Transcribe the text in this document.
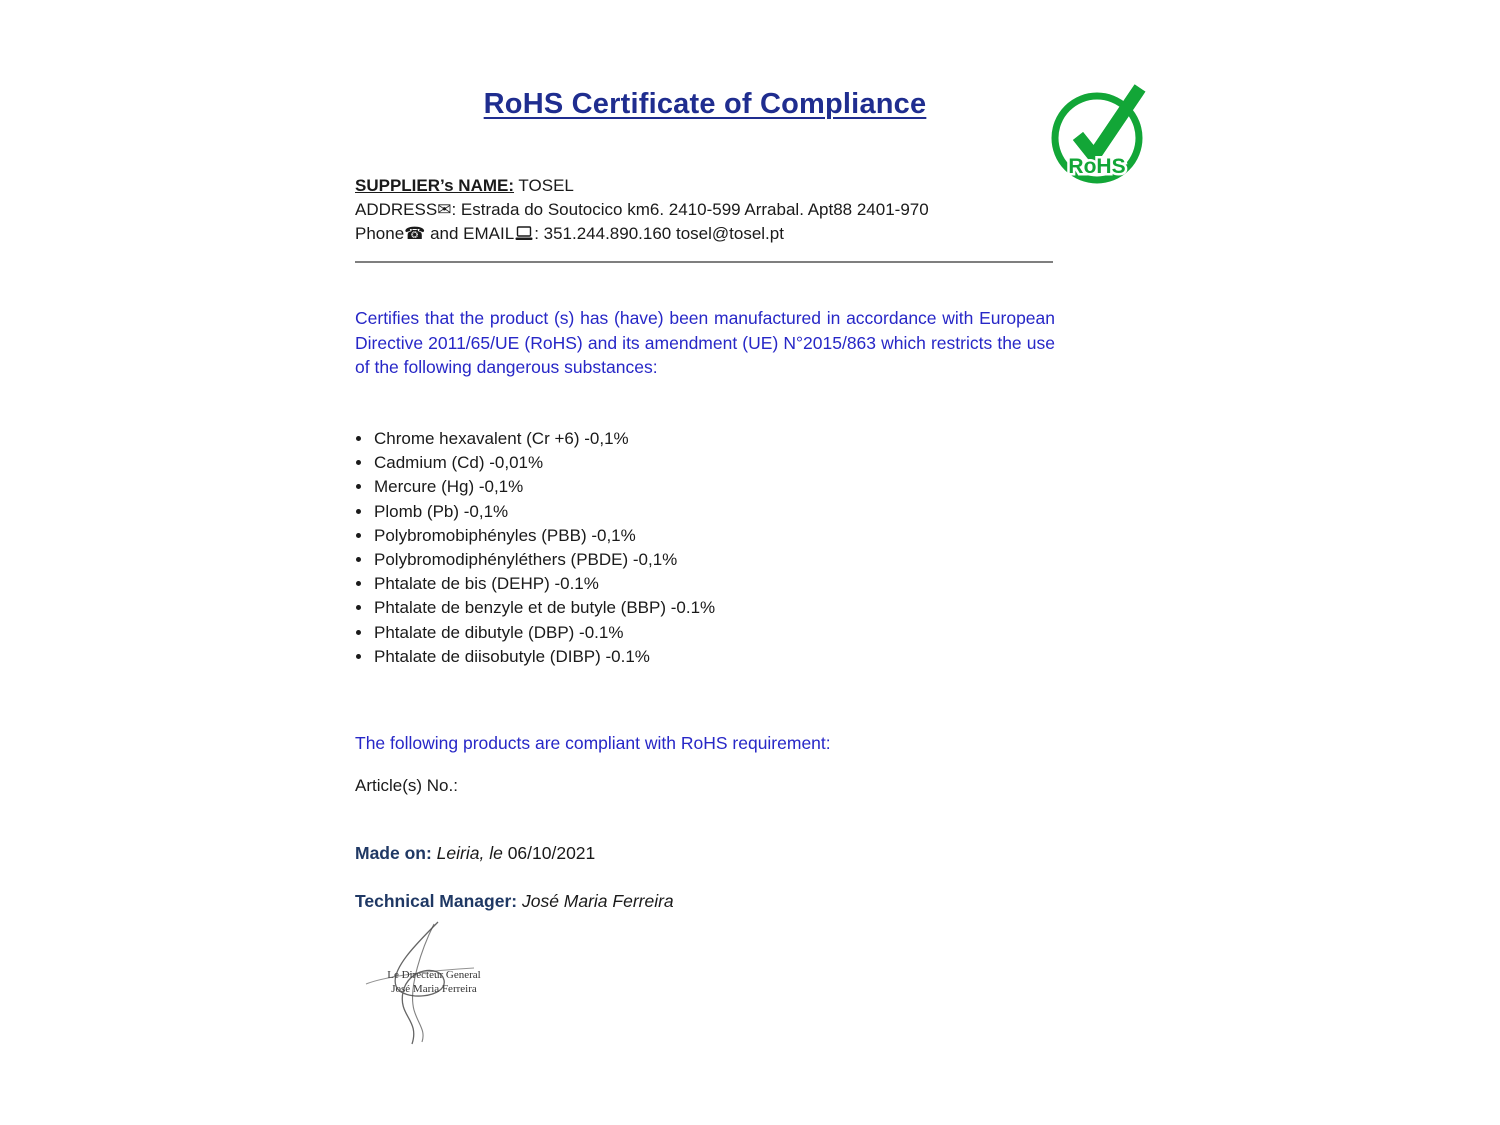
RoHS Certificate of Compliance
RoHS

SUPPLIER’s NAME: TOSEL

ADDRESS✉: Estrada do Soutocico km6. 2410-599 Arrabal. Apt88 2401-970

Phone☎ and EMAIL : 351.244.890.160 tosel@tosel.pt

Certifies that the product (s) has (have) been manufactured in accordance with European Directive 2011/65/UE (RoHS) and its amendment (UE) N°2015/863 which restricts the use of the following dangerous substances:

• Chrome hexavalent (Cr +6) -0,1%
• Cadmium (Cd) -0,01%
• Mercure (Hg) -0,1%
• Plomb (Pb) -0,1%
• Polybromobiphényles (PBB) -0,1%
• Polybromodiphényléthers (PBDE) -0,1%
• Phtalate de bis (DEHP) -0.1%
• Phtalate de benzyle et de butyle (BBP) -0.1%
• Phtalate de dibutyle (DBP) -0.1%
• Phtalate de diisobutyle (DIBP) -0.1%

The following products are compliant with RoHS requirement:

Article(s) No.:

Made on: Leiria, le 06/10/2021

Technical Manager: José Maria Ferreira

Le Directeur General

José Maria Ferreira
